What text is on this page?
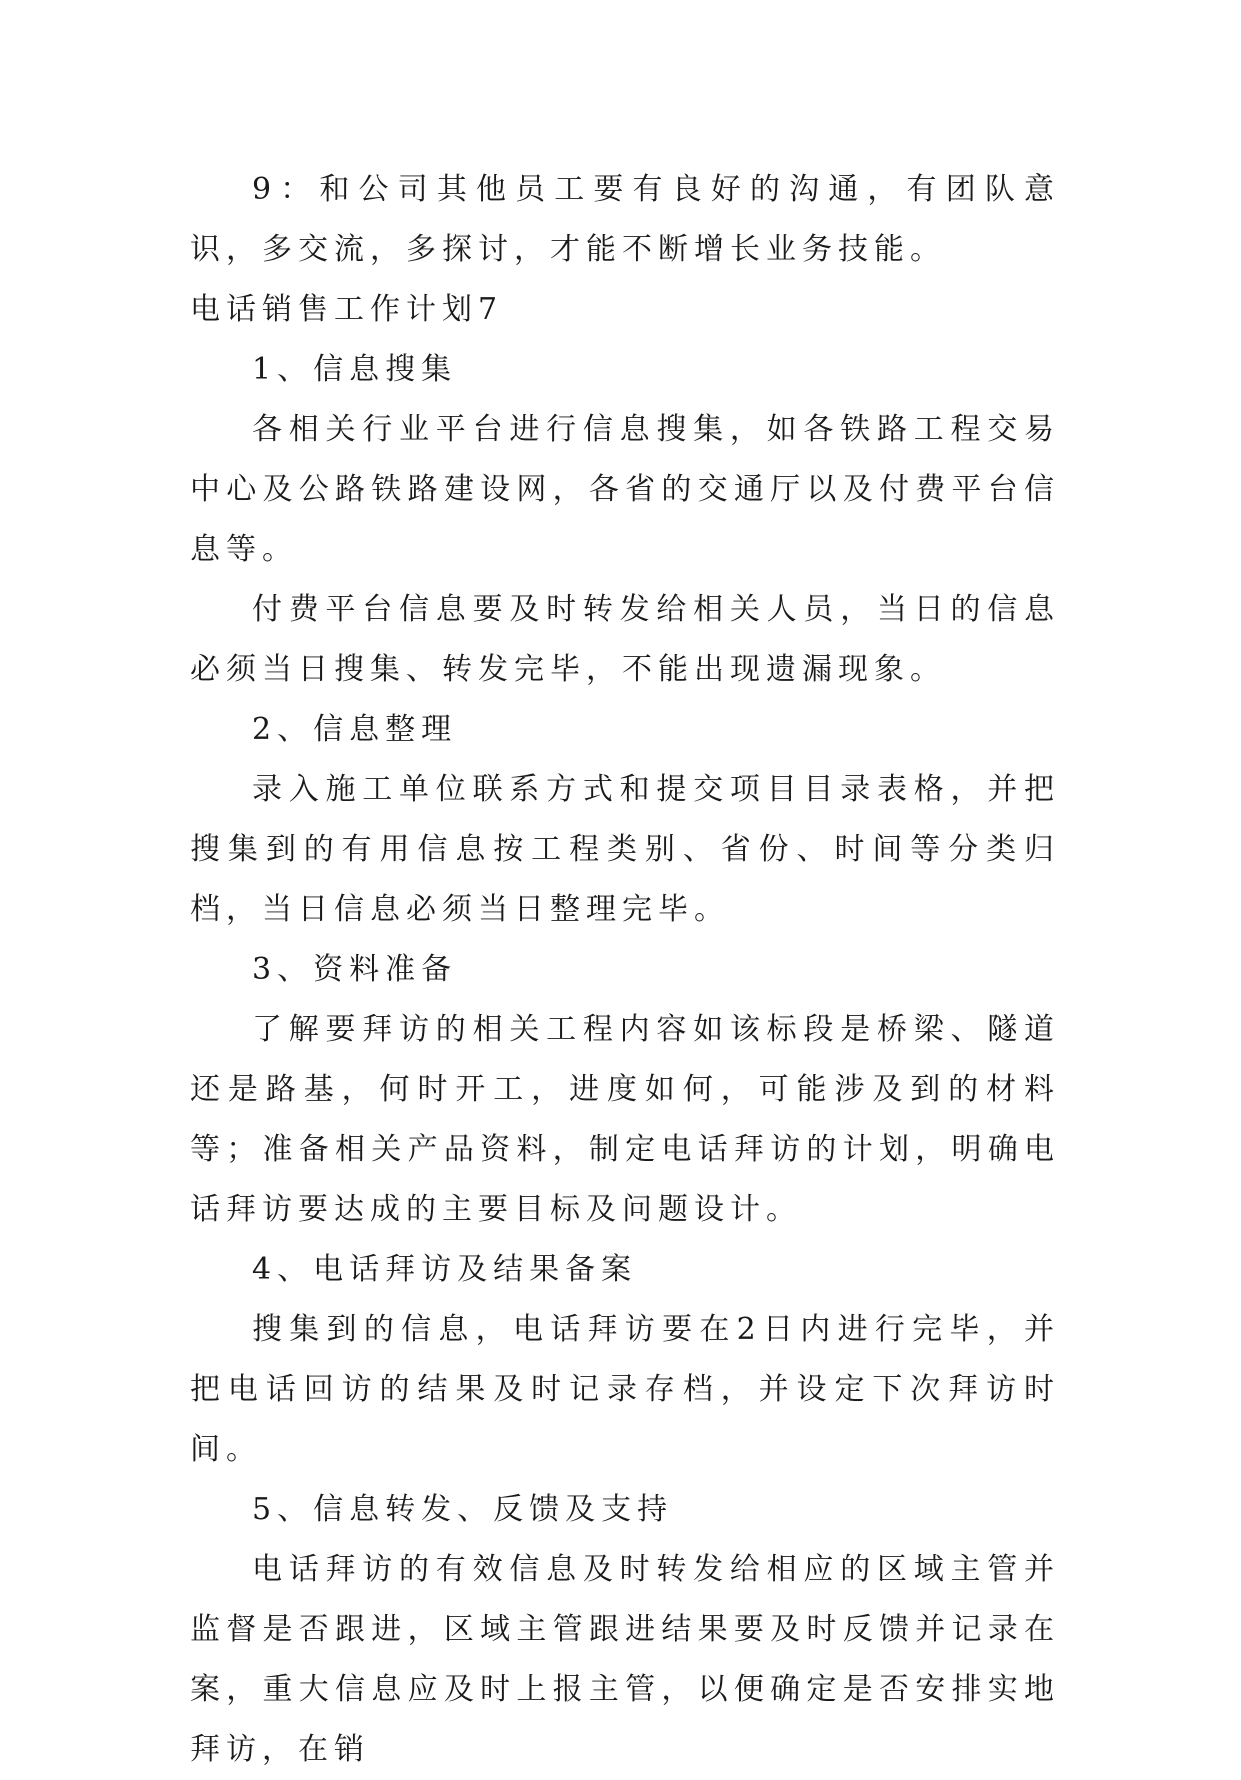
9：和公司其他员工要有良好的沟通，有团队意识，多交流，多探讨，才能不断增长业务技能。

电话销售工作计划7

1、信息搜集

各相关行业平台进行信息搜集，如各铁路工程交易中心及公路铁路建设网，各省的交通厅以及付费平台信息等。

付费平台信息要及时转发给相关人员，当日的信息必须当日搜集、转发完毕，不能出现遗漏现象。

2、信息整理

录入施工单位联系方式和提交项目目录表格，并把搜集到的有用信息按工程类别、省份、时间等分类归档，当日信息必须当日整理完毕。

3、资料准备

了解要拜访的相关工程内容如该标段是桥梁、隧道还是路基，何时开工，进度如何，可能涉及到的材料等；准备相关产品资料，制定电话拜访的计划，明确电话拜访要达成的主要目标及问题设计。

4、电话拜访及结果备案

搜集到的信息，电话拜访要在2日内进行完毕，并把电话回访的结果及时记录存档，并设定下次拜访时间。

5、信息转发、反馈及支持

电话拜访的有效信息及时转发给相应的区域主管并监督是否跟进，区域主管跟进结果要及时反馈并记录在案，重大信息应及时上报主管，以便确定是否安排实地拜访，在销
